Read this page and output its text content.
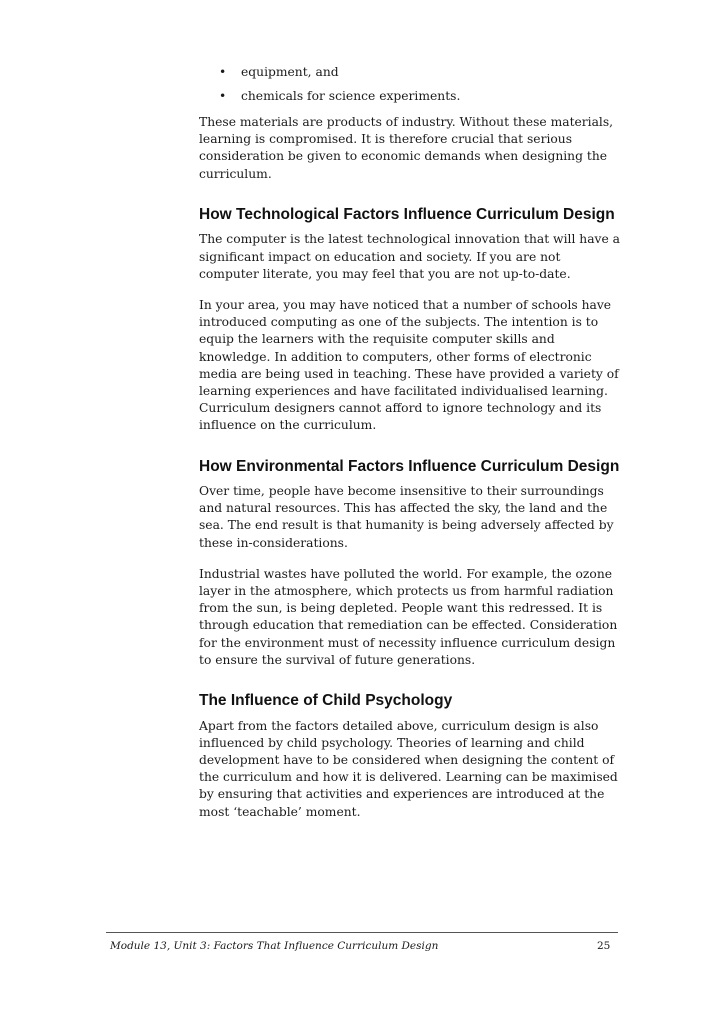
• equipment, and
• chemicals for science experiments.

These materials are products of industry. Without these materials, learning is compromised. It is therefore crucial that serious consideration be given to economic demands when designing the curriculum.

How Technological Factors Influence Curriculum Design

The computer is the latest technological innovation that will have a significant impact on education and society. If you are not computer literate, you may feel that you are not up-to-date.

In your area, you may have noticed that a number of schools have introduced computing as one of the subjects. The intention is to equip the learners with the requisite computer skills and knowledge. In addition to computers, other forms of electronic media are being used in teaching. These have provided a variety of learning experiences and have facilitated individualised learning. Curriculum designers cannot afford to ignore technology and its influence on the curriculum.

How Environmental Factors Influence Curriculum Design

Over time, people have become insensitive to their surroundings and natural resources. This has affected the sky, the land and the sea. The end result is that humanity is being adversely affected by these in-considerations.

Industrial wastes have polluted the world. For example, the ozone layer in the atmosphere, which protects us from harmful radiation from the sun, is being depleted. People want this redressed. It is through education that remediation can be effected. Consideration for the environment must of necessity influence curriculum design to ensure the survival of future generations.

The Influence of Child Psychology

Apart from the factors detailed above, curriculum design is also influenced by child psychology. Theories of learning and child development have to be considered when designing the content of the curriculum and how it is delivered. Learning can be maximised by ensuring that activities and experiences are introduced at the most ‘teachable’ moment.

Module 13, Unit 3: Factors That Influence Curriculum Design	25
